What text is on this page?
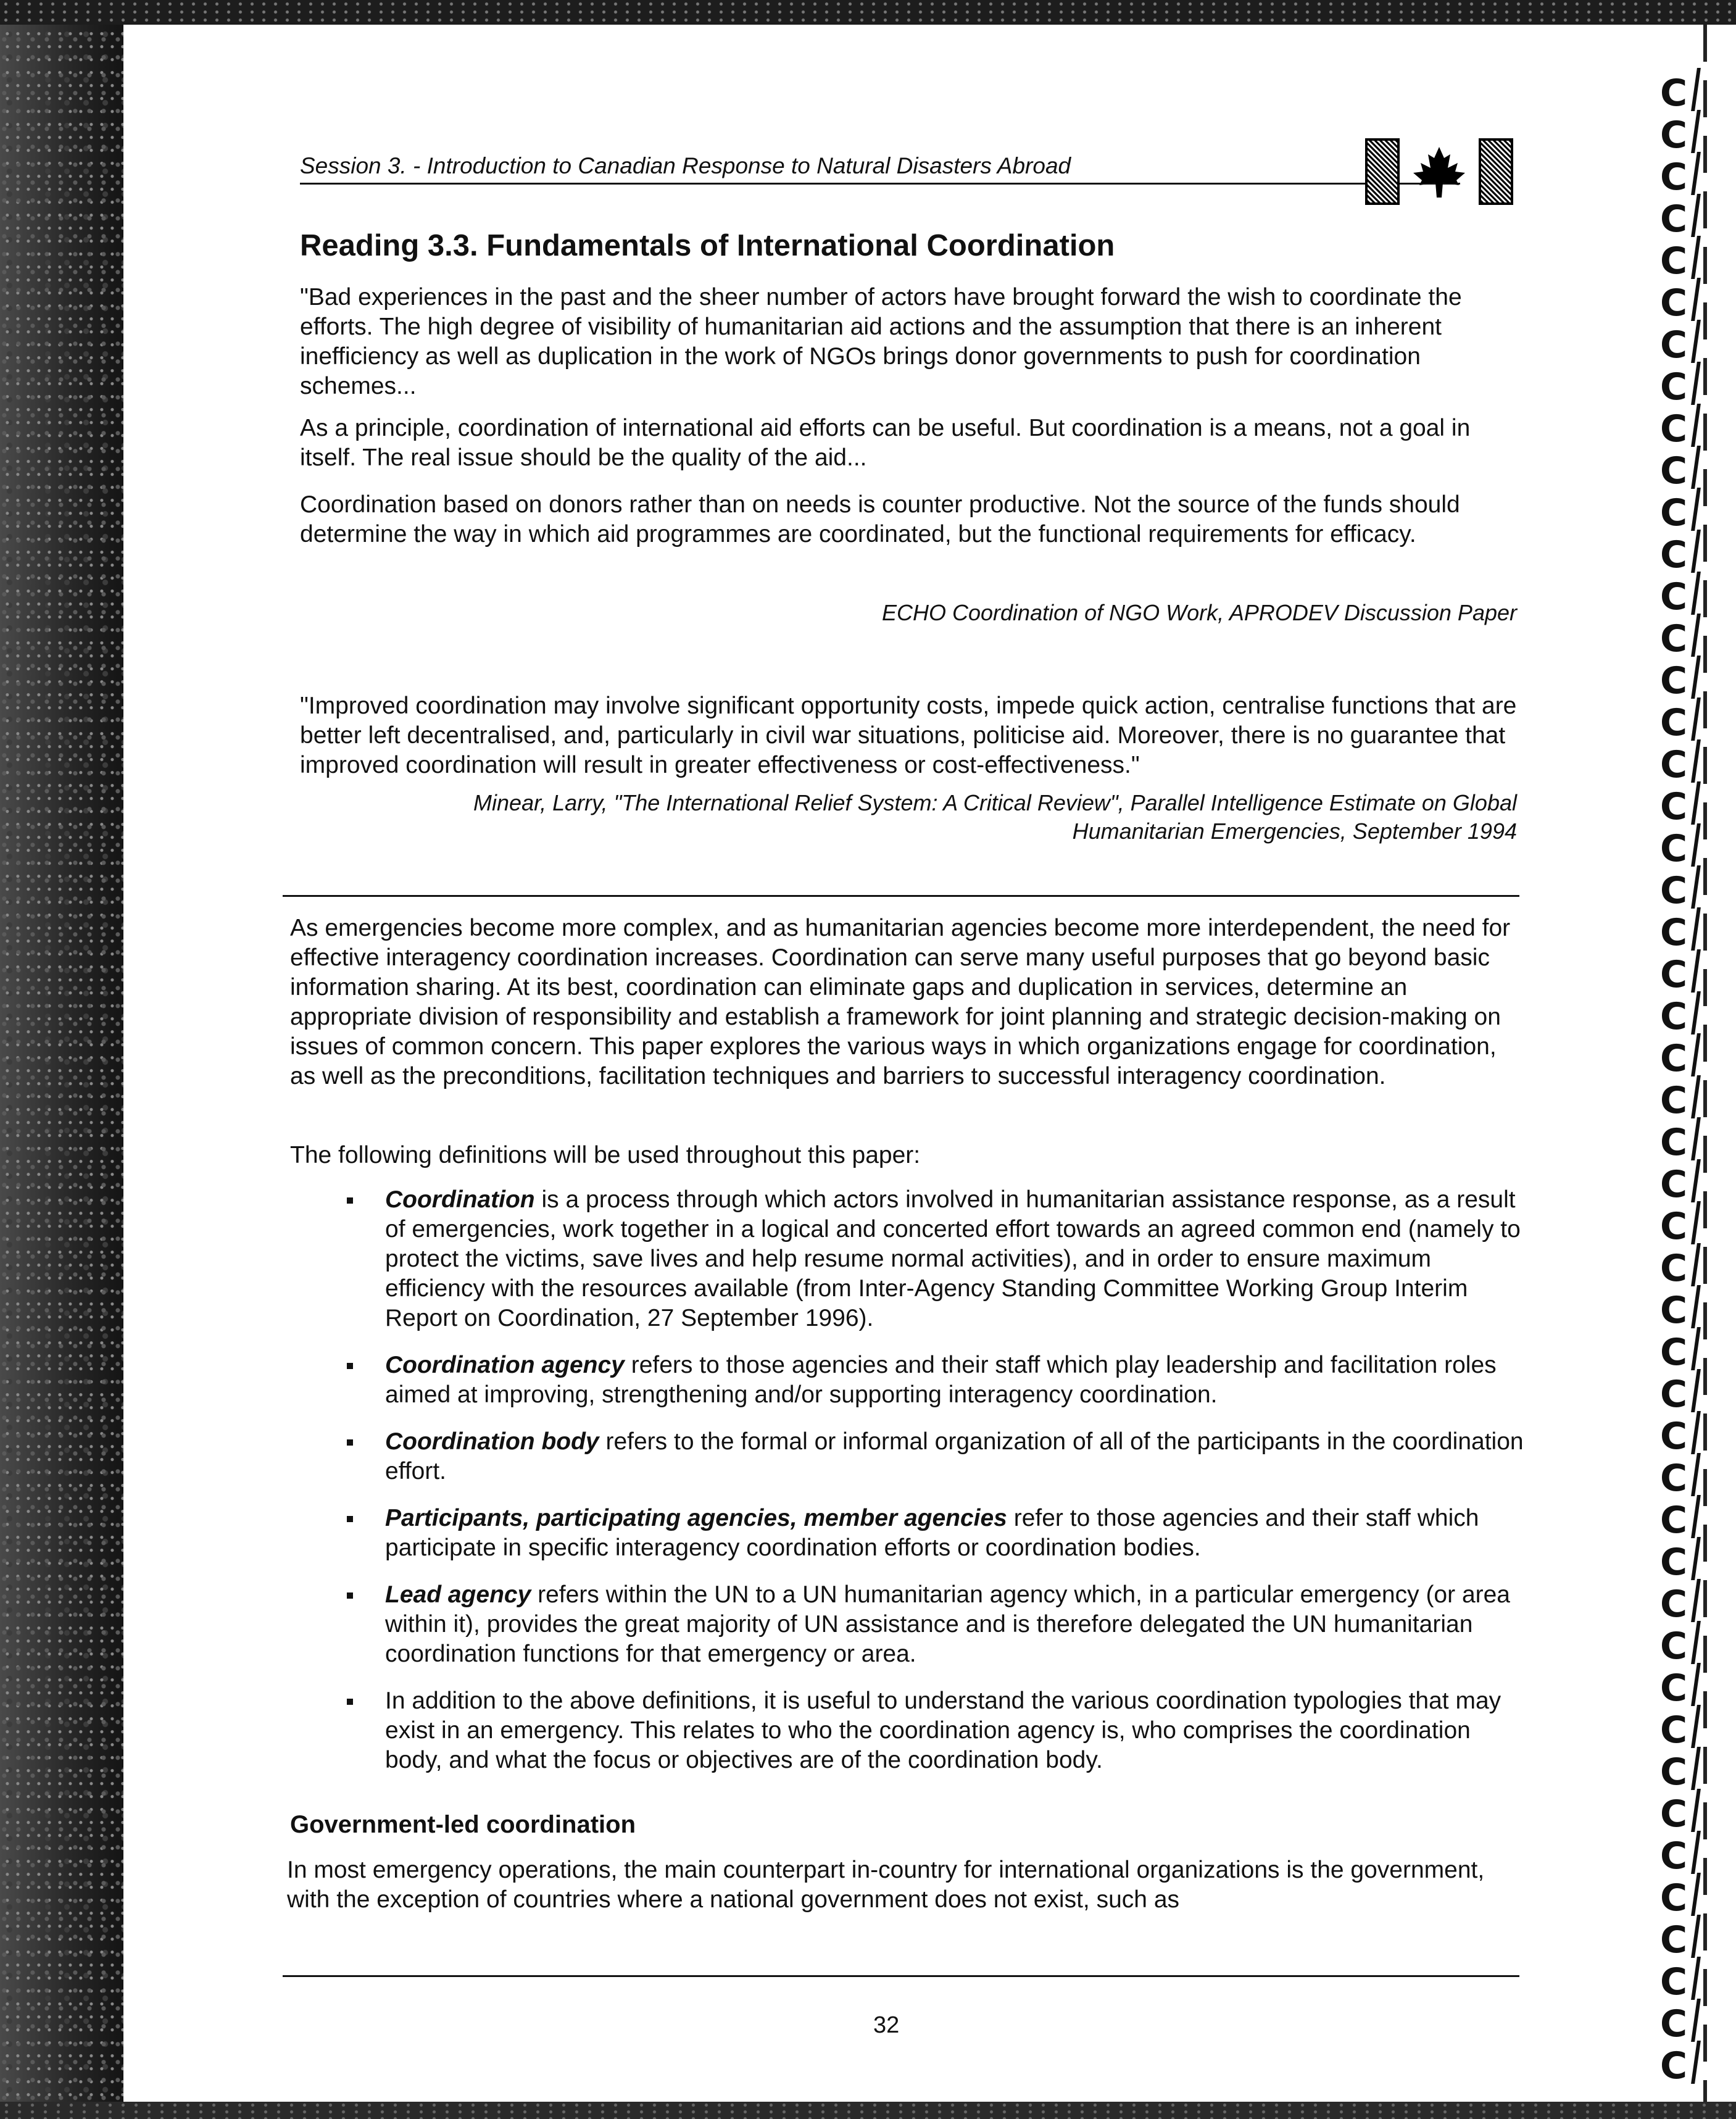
Session 3. - Introduction to Canadian Response to Natural Disasters Abroad
Reading 3.3. Fundamentals of International Coordination

"Bad experiences in the past and the sheer number of actors have brought forward the wish to coordinate the efforts. The high degree of visibility of humanitarian aid actions and the assumption that there is an inherent inefficiency as well as duplication in the work of NGOs brings donor governments to push for coordination schemes...

As a principle, coordination of international aid efforts can be useful. But coordination is a means, not a goal in itself. The real issue should be the quality of the aid...

Coordination based on donors rather than on needs is counter productive. Not the source of the funds should determine the way in which aid programmes are coordinated, but the functional requirements for efficacy.

ECHO Coordination of NGO Work, APRODEV Discussion Paper

"Improved coordination may involve significant opportunity costs, impede quick action, centralise functions that are better left decentralised, and, particularly in civil war situations, politicise aid. Moreover, there is no guarantee that improved coordination will result in greater effectiveness or cost-effectiveness."

Minear, Larry, "The International Relief System: A Critical Review", Parallel Intelligence Estimate on Global

Humanitarian Emergencies, September 1994

As emergencies become more complex, and as humanitarian agencies become more interdependent, the need for effective interagency coordination increases. Coordination can serve many useful purposes that go beyond basic information sharing. At its best, coordination can eliminate gaps and duplication in services, determine an appropriate division of responsibility and establish a framework for joint planning and strategic decision-making on issues of common concern. This paper explores the various ways in which organizations engage for coordination, as well as the preconditions, facilitation techniques and barriers to successful interagency coordination.

The following definitions will be used throughout this paper:

Coordination is a process through which actors involved in humanitarian assistance response, as a result of emergencies, work together in a logical and concerted effort towards an agreed common end (namely to protect the victims, save lives and help resume normal activities), and in order to ensure maximum efficiency with the resources available (from Inter-Agency Standing Committee Working Group Interim Report on Coordination, 27 September 1996).
Coordination agency refers to those agencies and their staff which play leadership and facilitation roles aimed at improving, strengthening and/or supporting interagency coordination.
Coordination body refers to the formal or informal organization of all of the participants in the coordination effort.
Participants, participating agencies, member agencies refer to those agencies and their staff which participate in specific interagency coordination efforts or coordination bodies.
Lead agency refers within the UN to a UN humanitarian agency which, in a particular emergency (or area within it), provides the great majority of UN assistance and is therefore delegated the UN humanitarian coordination functions for that emergency or area.
In addition to the above definitions, it is useful to understand the various coordination typologies that may exist in an emergency. This relates to who the coordination agency is, who comprises the coordination body, and what the focus or objectives are of the coordination body.
Government-led coordination

In most emergency operations, the main counterpart in-country for international organizations is the government, with the exception of countries where a national government does not exist, such as

32
C
C
C
C
C
C
C
C
C
C
C
C
C
C
C
C
C
C
C
C
C
C
C
C
C
C
C
C
C
C
C
C
C
C
C
C
C
C
C
C
C
C
C
C
C
C
C
C
